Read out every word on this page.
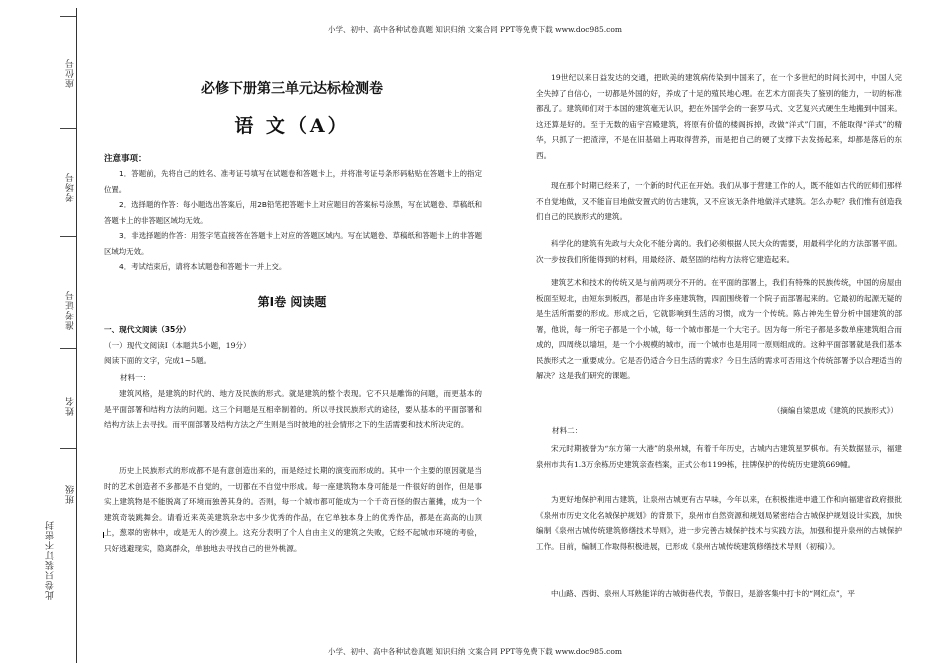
小学、初中、高中各种试卷真题 知识归纳 文案合同 PPT等免费下载 www.doc985.com
小学、初中、高中各种试卷真题 知识归纳 文案合同 PPT等免费下载 www.doc985.com
座位号
考场号
准考证号
姓名
班级
此卷只装订不密封
必修下册第三单元达标检测卷
语 文（A）
注意事项：
1．答题前，先将自己的姓名、准考证号填写在试题卷和答题卡上，并将准考证号条形码粘贴在答题卡上的指定位置。
2．选择题的作答：每小题选出答案后，用2B铅笔把答题卡上对应题目的答案标号涂黑，写在试题卷、草稿纸和答题卡上的非答题区域均无效。
3．非选择题的作答：用签字笔直接答在答题卡上对应的答题区域内。写在试题卷、草稿纸和答题卡上的非答题区域均无效。
4．考试结束后，请将本试题卷和答题卡一并上交。
第Ⅰ卷 阅读题
一、现代文阅读（35分）
（一）现代文阅读Ⅰ（本题共5小题，19分）
阅读下面的文字，完成1~5题。
材料一：
建筑风格，是建筑的时代的、地方及民族的形式。就是建筑的整个表现。它不只是雕饰的问题，而更基本的是平面部署和结构方法的问题。这三个问题是互相牵制着的。所以寻找民族形式的途径，要从基本的平面部署和结构方法上去寻找。而平面部署及结构方法之产生则是当时彼地的社会情形之下的生活需要和技术所决定的。
历史上民族形式的形成都不是有意创造出来的，而是经过长期的演变而形成的。其中一个主要的原因就是当时的艺术创造者不多都是不自觉的，一切都在不自觉中形成。每一座建筑物本身可能是一件很好的创作，但是事实上建筑物是不能脱离了环境而独善其身的。否则，每一个城市都可能成为一个千奇百怪的假古董摊，成为一个建筑奇装跳舞会。请看近来英美建筑杂志中多少优秀的作品，在它单独本身上的优秀作品，都是在高高的山顶上，葱翠的密林中，或是无人的沙漠上。这充分表明了个人自由主义的建筑之失败，它经不起城市环境的考验，只好逃避现实，隐离群众，单独地去寻找自己的世外桃源。
19世纪以来日益发达的交通，把欧美的建筑病传染到中国来了，在一个多世纪的时间长河中，中国人完全失掉了自信心，一切都是外国的好，养成了十足的殖民地心理。在艺术方面丧失了鉴别的能力，一切的标准都乱了。建筑师们对于本国的建筑毫无认识，把在外国学会的一套罗马式、文艺复兴式硬生生地搬到中国来。这还算是好的。至于无数的庙宇宫殿建筑，将原有价值的楼阁拆掉，改做“洋式”门面，不能取得“洋式”的精华，只抓了一把渣滓，不是在旧基础上再取得营养，而是把自己的硬了支撑下去发扬起来，却都是落后的东西。
现在那个时期已经来了，一个新的时代正在开始。我们从事于营建工作的人，既不能如古代的匠师们那样不自觉地做，又不能盲目地做安置式的仿古建筑，又不应该无条件地做洋式建筑。怎么办呢？我们惟有创造我们自己的民族形式的建筑。
科学化的建筑有先政与大众化不能分离的。我们必须根据人民大众的需要，用最科学化的方法部署平面。次一步按我们所能得到的材料，用最经济、最坚固的结构方法将它建造起来。
建筑艺术和技术的传统又是与前两项分不开的。在平面的部署上，我们有特殊的民族传统，中国的房屋由板面至短北，由短东到板西，都是由许多座建筑物，四面围绕着一个院子而部署起来的。它最初的起源无疑的是生活所需要的形成。形成之后，它就影响到生活的习惯，成为一个传统。陈占神先生曾分析中国建筑的部署，他说，每一所宅子都是一个小城，每一个城市都是一个大宅子。因为每一所宅子都是多数单座建筑组合而成的，四周绕以墙垣，是一个小规模的城市，而一个城市也是用同一原则组成的。这种平面部署就是我们基本民族形式之一重要成分。它是否仍适合今日生活的需求？今日生活的需求可否用这个传统部署予以合理适当的解决？这是我们研究的课题。
（摘编自梁思成《建筑的民族形式》）
材料二：
宋元时期被誉为“东方第一大港”的泉州城，有着千年历史，古城内古建筑星罗棋布。有关数据显示，福建泉州市共有1.3万余栋历史建筑亲查档案，正式公布1199栋，拄牌保护的传统历史建筑669幢。
为更好地保护利用古建筑，让泉州古城更有古早味，今年以来，在积极推进申遗工作和向福建省政府报批《泉州市历史文化名城保护规划》的背景下，泉州市自然资源和规划局紧密结合古城保护规划设计实践，加快编制《泉州古城传统建筑修缮技术导则》，进一步完善古城保护技术与实践方法，加强和提升泉州的古城保护工作。目前，编制工作取得积极进展，已形成《泉州古城传统建筑修缮技术导则（初稿）》。
中山路、西街、泉州人耳熟能详的古城街巷代表，节假日，是游客集中打卡的“网红点”，平
